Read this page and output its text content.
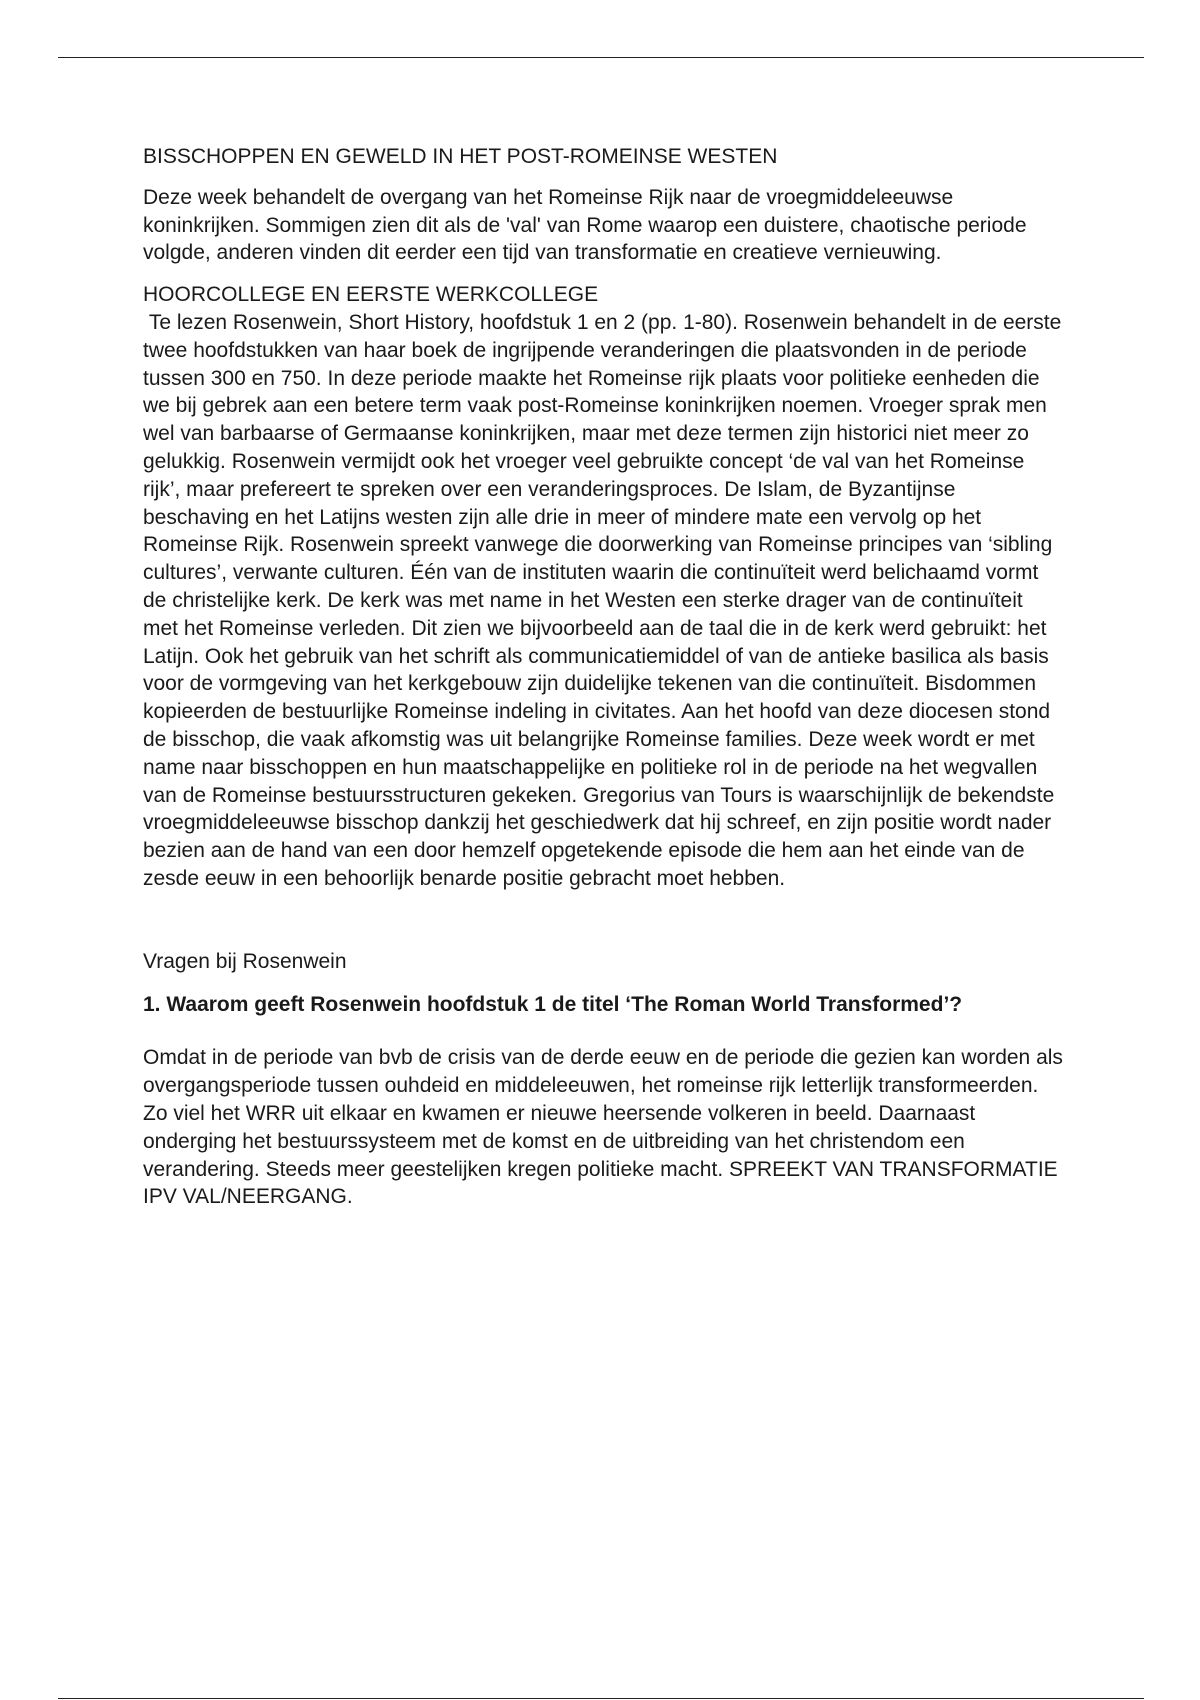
BISSCHOPPEN EN GEWELD IN HET POST-ROMEINSE WESTEN

Deze week behandelt de overgang van het Romeinse Rijk naar de vroegmiddeleeuwse koninkrijken. Sommigen zien dit als de 'val' van Rome waarop een duistere, chaotische periode volgde, anderen vinden dit eerder een tijd van transformatie en creatieve vernieuwing.

HOORCOLLEGE EN EERSTE WERKCOLLEGE

Te lezen Rosenwein, Short History, hoofdstuk 1 en 2 (pp. 1-80). Rosenwein behandelt in de eerste twee hoofdstukken van haar boek de ingrijpende veranderingen die plaatsvonden in de periode tussen 300 en 750. In deze periode maakte het Romeinse rijk plaats voor politieke eenheden die we bij gebrek aan een betere term vaak post-Romeinse koninkrijken noemen. Vroeger sprak men wel van barbaarse of Germaanse koninkrijken, maar met deze termen zijn historici niet meer zo gelukkig. Rosenwein vermijdt ook het vroeger veel gebruikte concept ‘de val van het Romeinse rijk’, maar prefereert te spreken over een veranderingsproces. De Islam, de Byzantijnse beschaving en het Latijns westen zijn alle drie in meer of mindere mate een vervolg op het Romeinse Rijk. Rosenwein spreekt vanwege die doorwerking van Romeinse principes van ‘sibling cultures’, verwante culturen. Één van de instituten waarin die continuïteit werd belichaamd vormt de christelijke kerk. De kerk was met name in het Westen een sterke drager van de continuïteit met het Romeinse verleden. Dit zien we bijvoorbeeld aan de taal die in de kerk werd gebruikt: het Latijn. Ook het gebruik van het schrift als communicatiemiddel of van de antieke basilica als basis voor de vormgeving van het kerkgebouw zijn duidelijke tekenen van die continuïteit. Bisdommen kopieerden de bestuurlijke Romeinse indeling in civitates. Aan het hoofd van deze diocesen stond de bisschop, die vaak afkomstig was uit belangrijke Romeinse families. Deze week wordt er met name naar bisschoppen en hun maatschappelijke en politieke rol in de periode na het wegvallen van de Romeinse bestuursstructuren gekeken. Gregorius van Tours is waarschijnlijk de bekendste vroegmiddeleeuwse bisschop dankzij het geschiedwerk dat hij schreef, en zijn positie wordt nader bezien aan de hand van een door hemzelf opgetekende episode die hem aan het einde van de zesde eeuw in een behoorlijk benarde positie gebracht moet hebben.

Vragen bij Rosenwein

1. Waarom geeft Rosenwein hoofdstuk 1 de titel ‘The Roman World Transformed’?

Omdat in de periode van bvb de crisis van de derde eeuw en de periode die gezien kan worden als overgangsperiode tussen ouhdeid en middeleeuwen, het romeinse rijk letterlijk transformeerden. Zo viel het WRR uit elkaar en kwamen er nieuwe heersende volkeren in beeld. Daarnaast onderging het bestuurssysteem met de komst en de uitbreiding van het christendom een verandering. Steeds meer geestelijken kregen politieke macht. SPREEKT VAN TRANSFORMATIE IPV VAL/NEERGANG.
